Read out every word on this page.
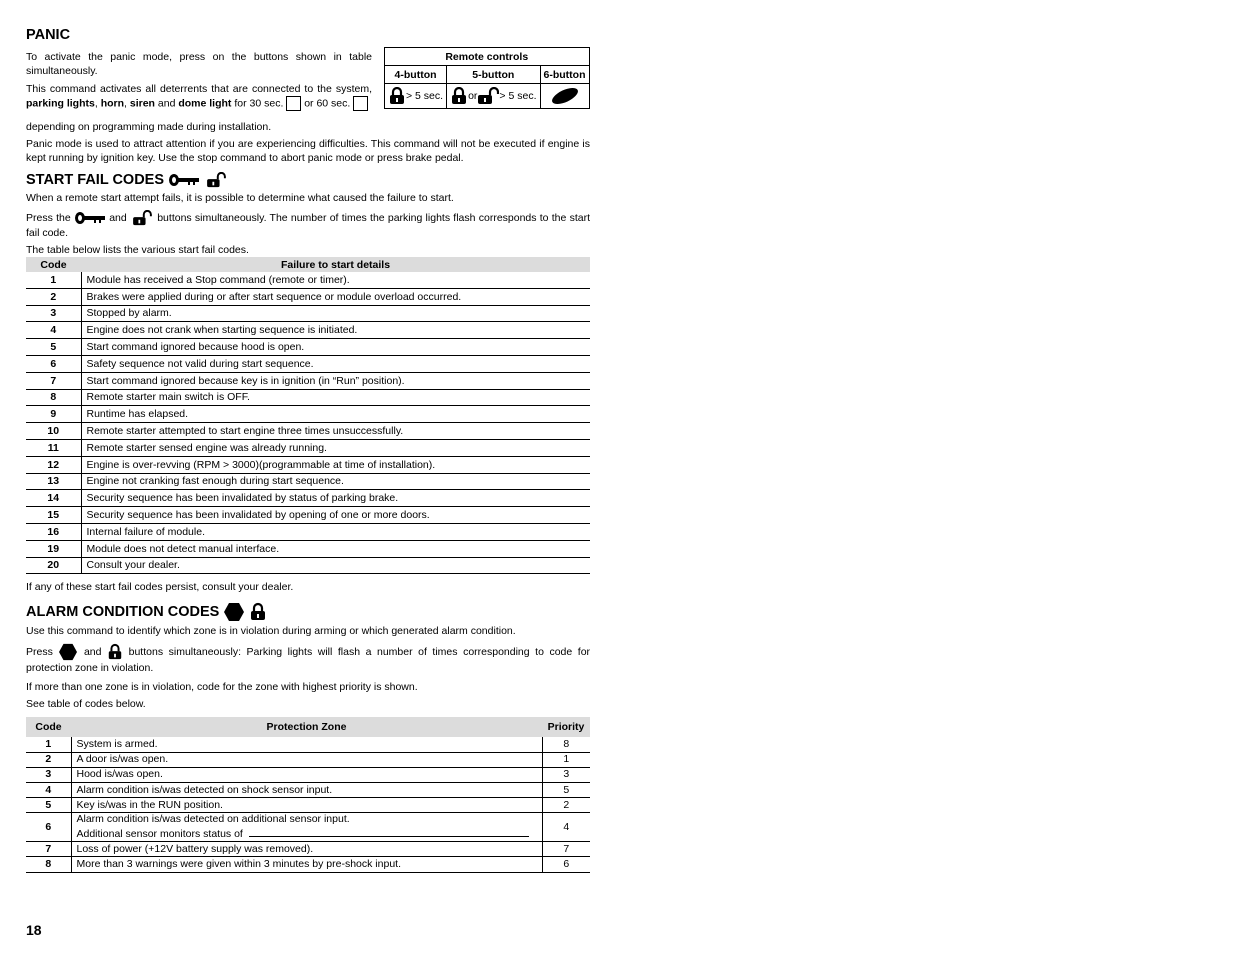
PANIC

To activate the panic mode, press on the buttons shown in table simultaneously.

This command activates all deterrents that are connected to the system, parking lights, horn, siren and dome light for 30 sec.  or 60 sec.

Remote controls		
4-button	5-button	6-button
> 5 sec.	or > 5 sec.	

depending on programming made during installation.

Panic mode is used to attract attention if you are experiencing difficulties. This command will not be executed if engine is kept running by ignition key. Use the stop command to abort panic mode or press brake pedal.

START FAIL CODES

When a remote start attempt fails, it is possible to determine what caused the failure to start.

Press the	and	buttons simultaneously. The number of times the parking lights flash corresponds to the start fail code.

The table below lists the various start fail codes.

Code	Failure to start details
1	Module has received a Stop command (remote or timer).
2	Brakes were applied during or after start sequence or module overload occurred.
3	Stopped by alarm.
4	Engine does not crank when starting sequence is initiated.
5	Start command ignored because hood is open.
6	Safety sequence not valid during start sequence.
7	Start command ignored because key is in ignition (in “Run” position).
8	Remote starter main switch is OFF.
9	Runtime has elapsed.
10	Remote starter attempted to start engine three times unsuccessfully.
11	Remote starter sensed engine was already running.
12	Engine is over-revving (RPM > 3000)(programmable at time of installation).
13	Engine not cranking fast enough during start sequence.
14	Security sequence has been invalidated by status of parking brake.
15	Security sequence has been invalidated by opening of one or more doors.
16	Internal failure of module.
19	Module does not detect manual interface.
20	Consult your dealer.

If any of these start fail codes persist, consult your dealer.

ALARM CONDITION CODES

Use this command to identify which zone is in violation during arming or which generated alarm condition.

Press	and	buttons simultaneously: Parking lights will flash a number of times corresponding to code for protection zone in violation.

If more than one zone is in violation, code for the zone with highest priority is shown.

See table of codes below.

Code	Protection Zone	Priority
1	System is armed.	8
2	A door is/was open.	1
3	Hood is/was open.	3
4	Alarm condition is/was detected on shock sensor input.	5
5	Key is/was in the RUN position.	2
6	Alarm condition is/was detected on additional sensor input.
Additional sensor monitors status of	4
7	Loss of power (+12V battery supply was removed).	7
8	More than 3 warnings were given within 3 minutes by pre-shock input.	6
18
